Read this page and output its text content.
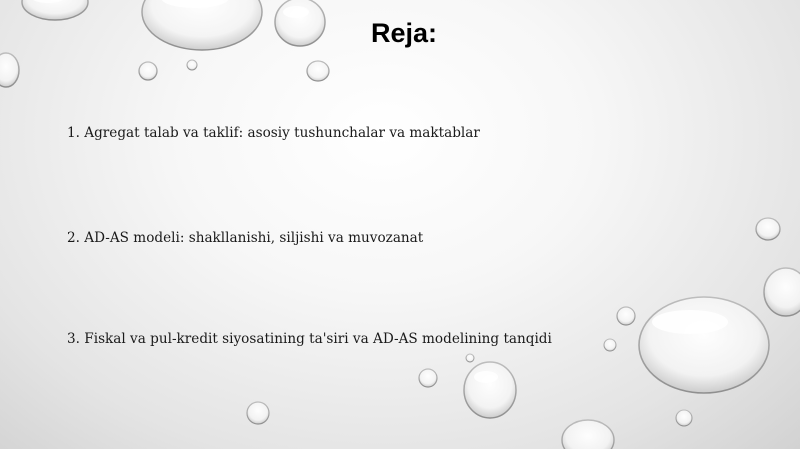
Reja:
1. Agregat talab va taklif: asosiy tushunchalar va maktablar
2. AD-AS modeli: shakllanishi, siljishi va muvozanat
3. Fiskal va pul-kredit siyosatining ta'siri va AD-AS modelining tanqidi
